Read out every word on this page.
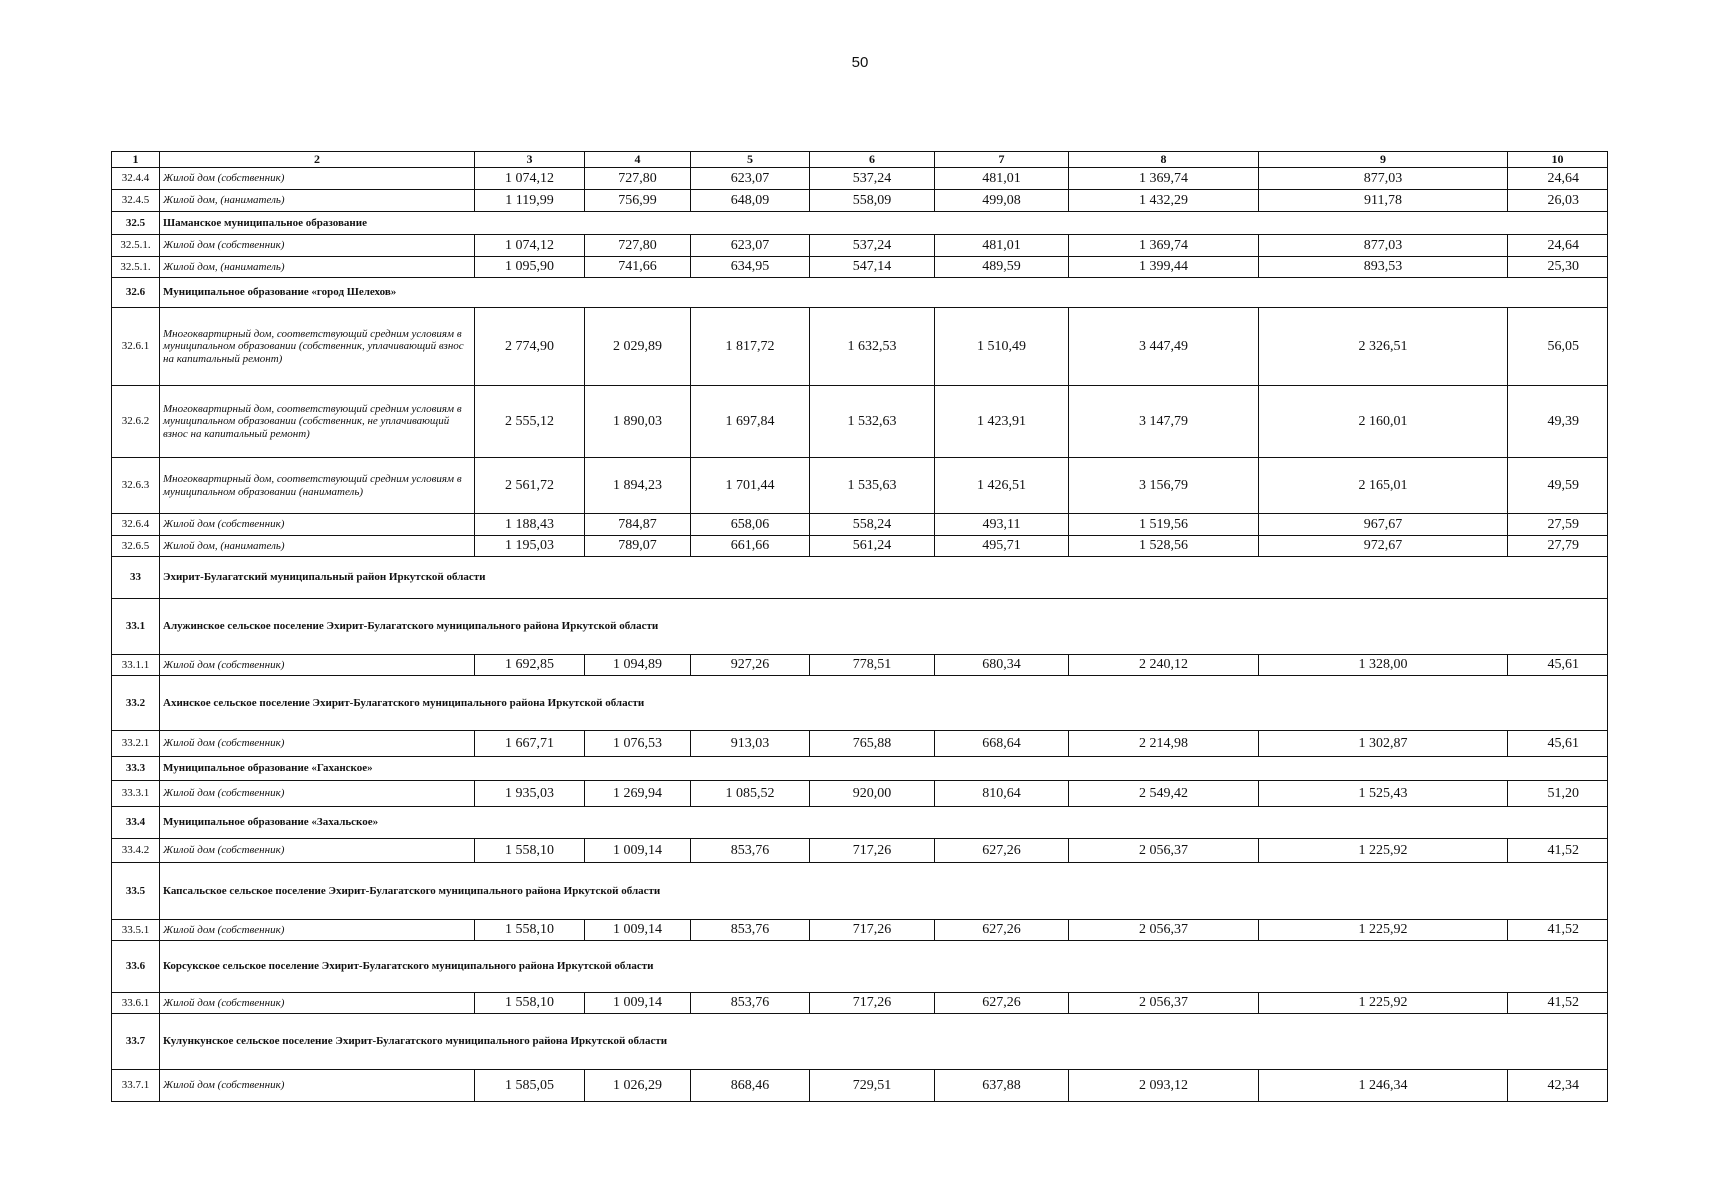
50
1	2	3	4	5	6	7	8	9	10
32.4.4	Жилой дом (собственник)	1 074,12	727,80	623,07	537,24	481,01	1 369,74	877,03	24,64
32.4.5	Жилой дом, (наниматель)	1 119,99	756,99	648,09	558,09	499,08	1 432,29	911,78	26,03
32.5	Шаманское муниципальное образование								
32.5.1.	Жилой дом (собственник)	1 074,12	727,80	623,07	537,24	481,01	1 369,74	877,03	24,64
32.5.1.	Жилой дом, (наниматель)	1 095,90	741,66	634,95	547,14	489,59	1 399,44	893,53	25,30
32.6	Муниципальное образование «город Шелехов»								
32.6.1	Многоквартирный дом, соответствующий средним условиям в муниципальном образовании (собственник, уплачивающий взнос на капитальный ремонт)	2 774,90	2 029,89	1 817,72	1 632,53	1 510,49	3 447,49	2 326,51	56,05
32.6.2	Многоквартирный дом, соответствующий средним условиям в муниципальном образовании (собственник, не уплачивающий взнос на капитальный ремонт)	2 555,12	1 890,03	1 697,84	1 532,63	1 423,91	3 147,79	2 160,01	49,39
32.6.3	Многоквартирный дом, соответствующий средним условиям в муниципальном образовании (наниматель)	2 561,72	1 894,23	1 701,44	1 535,63	1 426,51	3 156,79	2 165,01	49,59
32.6.4	Жилой дом (собственник)	1 188,43	784,87	658,06	558,24	493,11	1 519,56	967,67	27,59
32.6.5	Жилой дом, (наниматель)	1 195,03	789,07	661,66	561,24	495,71	1 528,56	972,67	27,79
33	Эхирит-Булагатский муниципальный район Иркутской области								
33.1	Алужинское сельское поселение Эхирит-Булагатского муниципального района Иркутской области								
33.1.1	Жилой дом (собственник)	1 692,85	1 094,89	927,26	778,51	680,34	2 240,12	1 328,00	45,61
33.2	Ахинское сельское поселение Эхирит-Булагатского муниципального района Иркутской области								
33.2.1	Жилой дом (собственник)	1 667,71	1 076,53	913,03	765,88	668,64	2 214,98	1 302,87	45,61
33.3	Муниципальное образование «Гаханское»								
33.3.1	Жилой дом (собственник)	1 935,03	1 269,94	1 085,52	920,00	810,64	2 549,42	1 525,43	51,20
33.4	Муниципальное образование «Захальское»								
33.4.2	Жилой дом (собственник)	1 558,10	1 009,14	853,76	717,26	627,26	2 056,37	1 225,92	41,52
33.5	Капсальское сельское поселение Эхирит-Булагатского муниципального района Иркутской области								
33.5.1	Жилой дом (собственник)	1 558,10	1 009,14	853,76	717,26	627,26	2 056,37	1 225,92	41,52
33.6	Корсукское сельское поселение Эхирит-Булагатского муниципального района Иркутской области								
33.6.1	Жилой дом (собственник)	1 558,10	1 009,14	853,76	717,26	627,26	2 056,37	1 225,92	41,52
33.7	Кулункунское сельское поселение Эхирит-Булагатского муниципального района Иркутской области								
33.7.1	Жилой дом (собственник)	1 585,05	1 026,29	868,46	729,51	637,88	2 093,12	1 246,34	42,34
